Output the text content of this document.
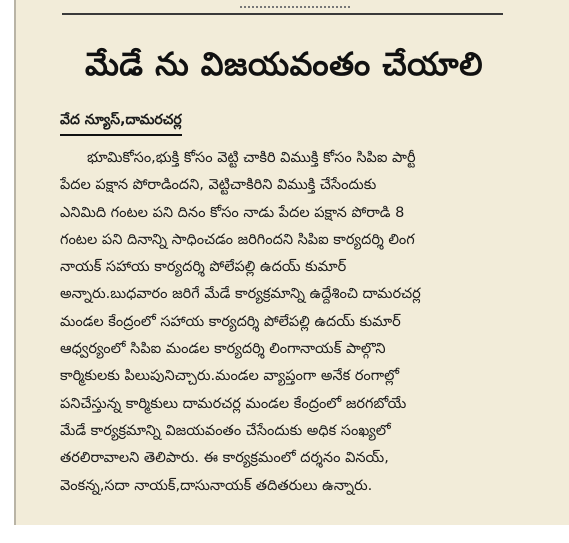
మేడే ను విజయవంతం చేయాలి
వేద న్యూస్,దామరచర్ల
భూమికోసం,భుక్తి కోసం వెట్టి చాకిరి విముక్తి కోసం సిపిఐ పార్టీ
పేదల పక్షాన పోరాడిందని, వెట్టిచాకిరిని విముక్తి చేసేందుకు
ఎనిమిది గంటల పని దినం కోసం నాడు పేదల పక్షాన పోరాడి 8
గంటల పని దినాన్ని సాధించడం జరిగిందని సిపిఐ కార్యదర్శి లింగ
నాయక్ సహాయ కార్యదర్శి పోలేపల్లి ఉదయ్ కుమార్
అన్నారు.బుధవారం జరిగే మేడే కార్యక్రమాన్ని ఉద్దేశించి దామరచర్ల
మండల కేంద్రంలో సహాయ కార్యదర్శి పోలేపల్లి ఉదయ్ కుమార్
ఆధ్వర్యంలో సిపిఐ మండల కార్యదర్శి లింగానాయక్ పాల్గొని
కార్మికులకు పిలుపునిచ్చారు.మండల వ్యాప్తంగా అనేక రంగాల్లో
పనిచేస్తున్న కార్మికులు దామరచర్ల మండల కేంద్రంలో జరగబోయే
మేడే కార్యక్రమాన్ని విజయవంతం చేసేందుకు అధిక సంఖ్యలో
తరలిరావాలని తెలిపారు. ఈ కార్యక్రమంలో దర్శనం వినయ్,
వెంకన్న,సదా నాయక్,దాసునాయక్ తదితరులు ఉన్నారు.
